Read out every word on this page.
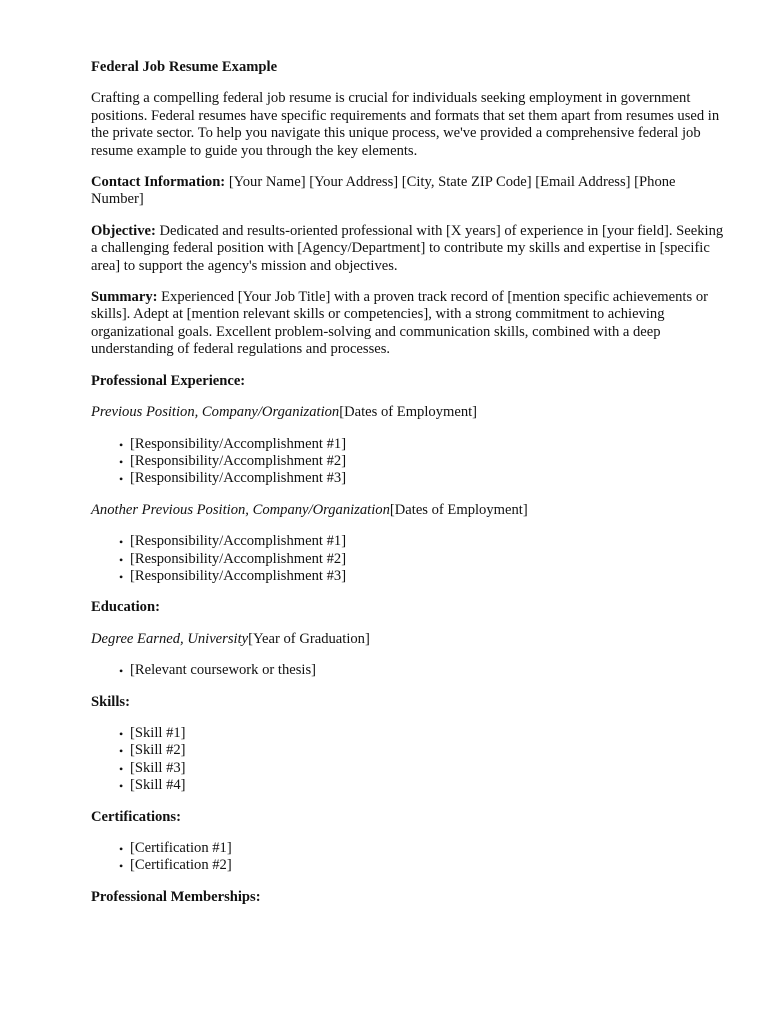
Federal Job Resume Example

Crafting a compelling federal job resume is crucial for individuals seeking employment in government positions. Federal resumes have specific requirements and formats that set them apart from resumes used in the private sector. To help you navigate this unique process, we've provided a comprehensive federal job resume example to guide you through the key elements.

Contact Information: [Your Name] [Your Address] [City, State ZIP Code] [Email Address] [Phone Number]

Objective: Dedicated and results-oriented professional with [X years] of experience in [your field]. Seeking a challenging federal position with [Agency/Department] to contribute my skills and expertise in [specific area] to support the agency's mission and objectives.

Summary: Experienced [Your Job Title] with a proven track record of [mention specific achievements or skills]. Adept at [mention relevant skills or competencies], with a strong commitment to achieving organizational goals. Excellent problem-solving and communication skills, combined with a deep understanding of federal regulations and processes.

Professional Experience:

Previous Position, Company/Organization[Dates of Employment]

• [Responsibility/Accomplishment #1]
• [Responsibility/Accomplishment #2]
• [Responsibility/Accomplishment #3]

Another Previous Position, Company/Organization[Dates of Employment]

• [Responsibility/Accomplishment #1]
• [Responsibility/Accomplishment #2]
• [Responsibility/Accomplishment #3]

Education:

Degree Earned, University[Year of Graduation]

• [Relevant coursework or thesis]

Skills:

• [Skill #1]
• [Skill #2]
• [Skill #3]
• [Skill #4]

Certifications:

• [Certification #1]
• [Certification #2]

Professional Memberships:
